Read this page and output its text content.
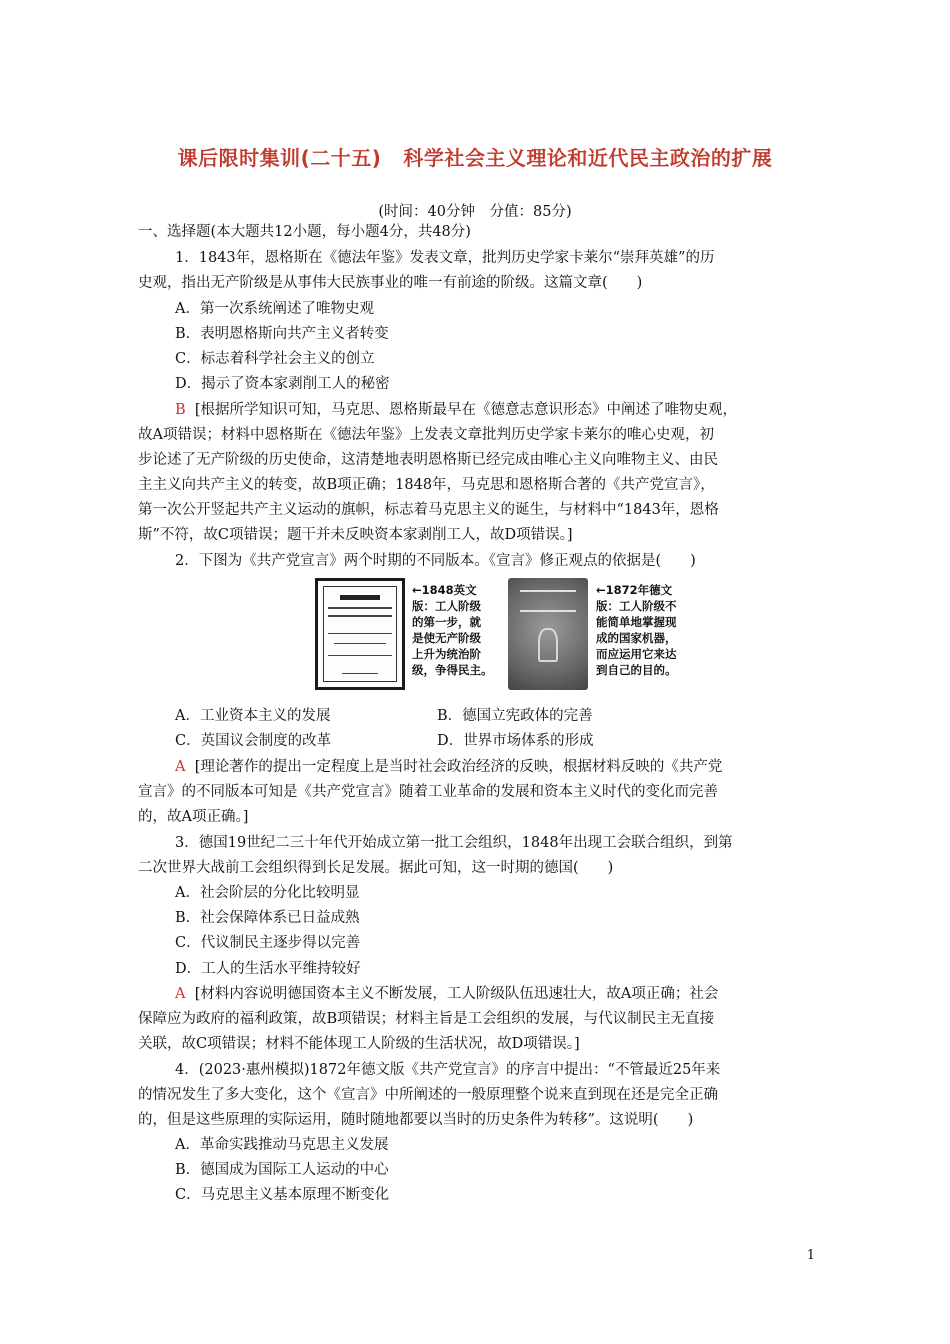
课后限时集训(二十五) 科学社会主义理论和近代民主政治的扩展
(时间：40分钟　分值：85分)
一、选择题(本大题共12小题，每小题4分，共48分)
1．1843年，恩格斯在《德法年鉴》发表文章，批判历史学家卡莱尔“崇拜英雄”的历
史观，指出无产阶级是从事伟大民族事业的唯一有前途的阶级。这篇文章(　　)
A．第一次系统阐述了唯物史观
B．表明恩格斯向共产主义者转变
C．标志着科学社会主义的创立
D．揭示了资本家剥削工人的秘密
B [根据所学知识可知，马克思、恩格斯最早在《德意志意识形态》中阐述了唯物史观，
故A项错误；材料中恩格斯在《德法年鉴》上发表文章批判历史学家卡莱尔的唯心史观，初
步论述了无产阶级的历史使命，这清楚地表明恩格斯已经完成由唯心主义向唯物主义、由民
主主义向共产主义的转变，故B项正确；1848年，马克思和恩格斯合著的《共产党宣言》，
第一次公开竖起共产主义运动的旗帜，标志着马克思主义的诞生，与材料中“1843年，恩格
斯”不符，故C项错误；题干并未反映资本家剥削工人，故D项错误。]
2．下图为《共产党宣言》两个时期的不同版本。《宣言》修正观点的依据是(　　)
←1848英文
版：工人阶级
的第一步，就
是使无产阶级
上升为统治阶
级，争得民主。
←1872年德文
版：工人阶级不
能简单地掌握现
成的国家机器，
而应运用它来达
到自己的目的。
A．工业资本主义的发展	B．德国立宪政体的完善
C．英国议会制度的改革	D．世界市场体系的形成
A [理论著作的提出一定程度上是当时社会政治经济的反映，根据材料反映的《共产党
宣言》的不同版本可知是《共产党宣言》随着工业革命的发展和资本主义时代的变化而完善
的，故A项正确。]
3．德国19世纪二三十年代开始成立第一批工会组织，1848年出现工会联合组织，到第
二次世界大战前工会组织得到长足发展。据此可知，这一时期的德国(　　)
A．社会阶层的分化比较明显
B．社会保障体系已日益成熟
C．代议制民主逐步得以完善
D．工人的生活水平维持较好
A [材料内容说明德国资本主义不断发展，工人阶级队伍迅速壮大，故A项正确；社会
保障应为政府的福利政策，故B项错误；材料主旨是工会组织的发展，与代议制民主无直接
关联，故C项错误；材料不能体现工人阶级的生活状况，故D项错误。]
4．(2023·惠州模拟)1872年德文版《共产党宣言》的序言中提出：“不管最近25年来
的情况发生了多大变化，这个《宣言》中所阐述的一般原理整个说来直到现在还是完全正确
的，但是这些原理的实际运用，随时随地都要以当时的历史条件为转移”。这说明(　　)
A．革命实践推动马克思主义发展
B．德国成为国际工人运动的中心
C．马克思主义基本原理不断变化
1
